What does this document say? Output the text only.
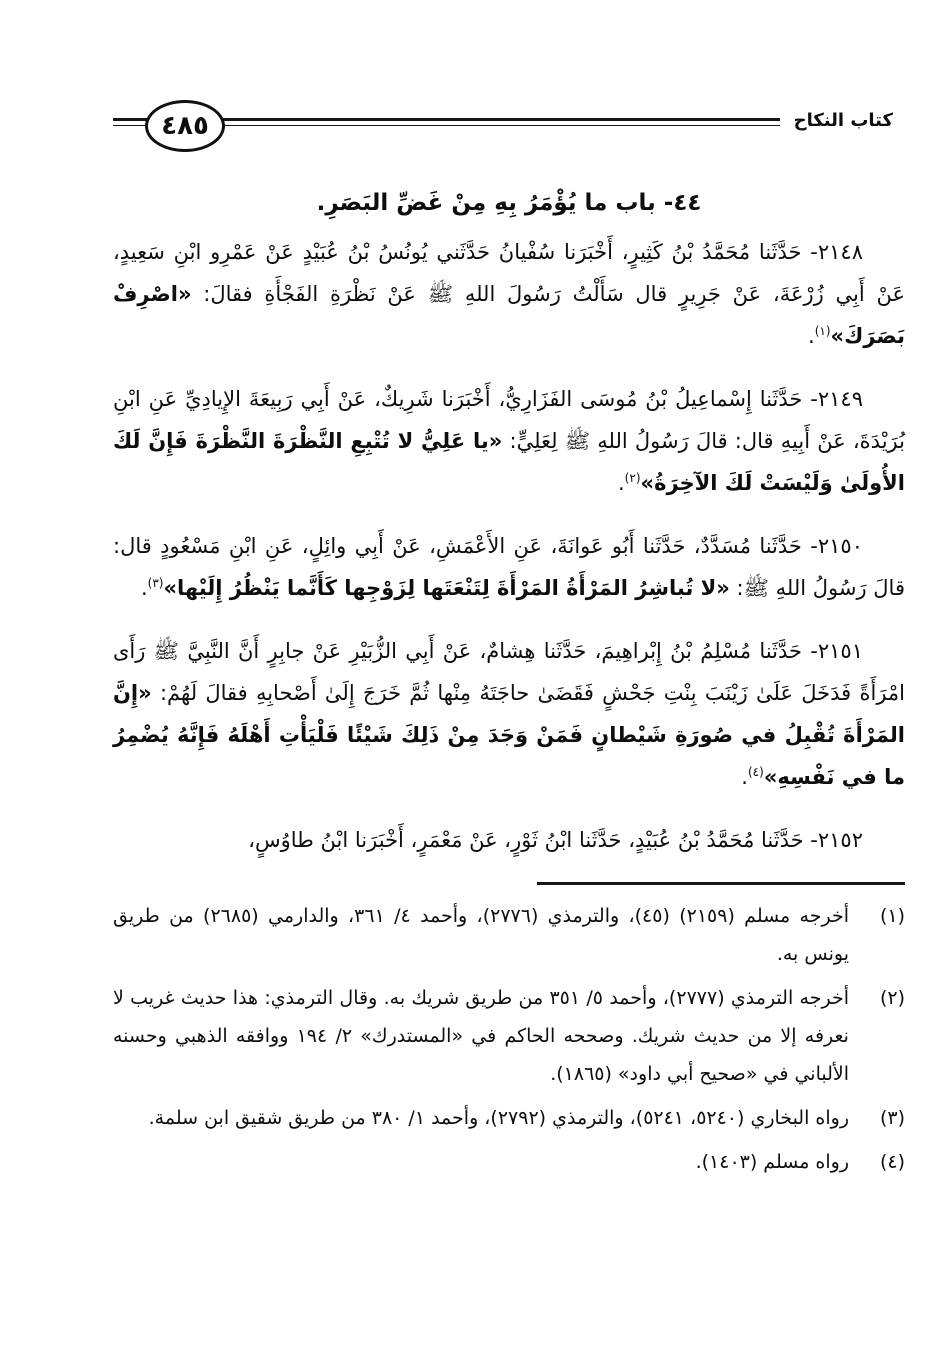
٤٨٥	كتاب النكاح
٤٤- باب ما يُؤْمَرُ بِهِ مِنْ غَضِّ البَصَرِ.

٢١٤٨- حَدَّثَنا مُحَمَّدُ بْنُ كَثِيرٍ، أَخْبَرَنا سُفْيانُ حَدَّثَني يُونُسُ بْنُ عُبَيْدٍ عَنْ عَمْرِو ابْنِ سَعِيدٍ، عَنْ أَبِي زُرْعَةَ، عَنْ جَرِيرٍ قال سَأَلْتُ رَسُولَ اللهِ ﷺ عَنْ نَظْرَةِ الفَجْأَةِ فقالَ: «اصْرِفْ بَصَرَكَ»$^{(١)}$.

٢١٤٩- حَدَّثَنا إِسْماعِيلُ بْنُ مُوسَى الفَزَارِيُّ، أَخْبَرَنا شَرِيكٌ، عَنْ أَبِي رَبِيعَةَ الإِيادِيِّ عَنِ ابْنِ بُرَيْدَةَ، عَنْ أَبِيهِ قال: قالَ رَسُولُ اللهِ ﷺ لِعَلِيٍّ: «يا عَلِيُّ لا تُتْبِعِ النَّظْرَةَ النَّظْرَةَ فَإِنَّ لَكَ الأُولَىٰ وَلَيْسَتْ لَكَ الآخِرَةُ»$^{(٢)}$.

٢١٥٠- حَدَّثَنا مُسَدَّدٌ، حَدَّثَنا أَبُو عَوانَةَ، عَنِ الأَعْمَشِ، عَنْ أَبِي وائِلٍ، عَنِ ابْنِ مَسْعُودٍ قال: قالَ رَسُولُ اللهِ ﷺ: «لا تُباشِرُ المَرْأَةُ المَرْأَةَ لِتَنْعَتَها لِزَوْجِها كَأَنَّما يَنْظُرُ إِلَيْها»$^{(٣)}$.

٢١٥١- حَدَّثَنا مُسْلِمُ بْنُ إِبْراهِيمَ، حَدَّثَنا هِشامٌ، عَنْ أَبِي الزُّبَيْرِ عَنْ جابِرٍ أَنَّ النَّبِيَّ ﷺ رَأَى امْرَأَةً فَدَخَلَ عَلَىٰ زَيْنَبَ بِنْتِ جَحْشٍ فَقَضَىٰ حاجَتَهُ مِنْها ثُمَّ خَرَجَ إِلَىٰ أَصْحابِهِ فقالَ لَهُمْ: «إِنَّ المَرْأَةَ تُقْبِلُ في صُورَةِ شَيْطانٍ فَمَنْ وَجَدَ مِنْ ذَلِكَ شَيْئًا فَلْيَأْتِ أَهْلَهُ فَإِنَّهُ يُضْمِرُ ما في نَفْسِهِ»$^{(٤)}$.

٢١٥٢- حَدَّثَنا مُحَمَّدُ بْنُ عُبَيْدٍ، حَدَّثَنا ابْنُ ثَوْرٍ، عَنْ مَعْمَرٍ، أَخْبَرَنا ابْنُ طاوُسٍ،

(١)
أخرجه مسلم (٢١٥٩) (٤٥)، والترمذي (٢٧٧٦)، وأحمد ٤/ ٣٦١، والدارمي (٢٦٨٥) من طريق يونس به.
(٢)
أخرجه الترمذي (٢٧٧٧)، وأحمد ٥/ ٣٥١ من طريق شريك به. وقال الترمذي: هذا حديث غريب لا نعرفه إلا من حديث شريك. وصححه الحاكم في «المستدرك» ٢/ ١٩٤ ووافقه الذهبي وحسنه الألباني في «صحيح أبي داود» (١٨٦٥).
(٣)
رواه البخاري (٥٢٤٠، ٥٢٤١)، والترمذي (٢٧٩٢)، وأحمد ١/ ٣٨٠ من طريق شقيق ابن سلمة.
(٤)
رواه مسلم (١٤٠٣).
